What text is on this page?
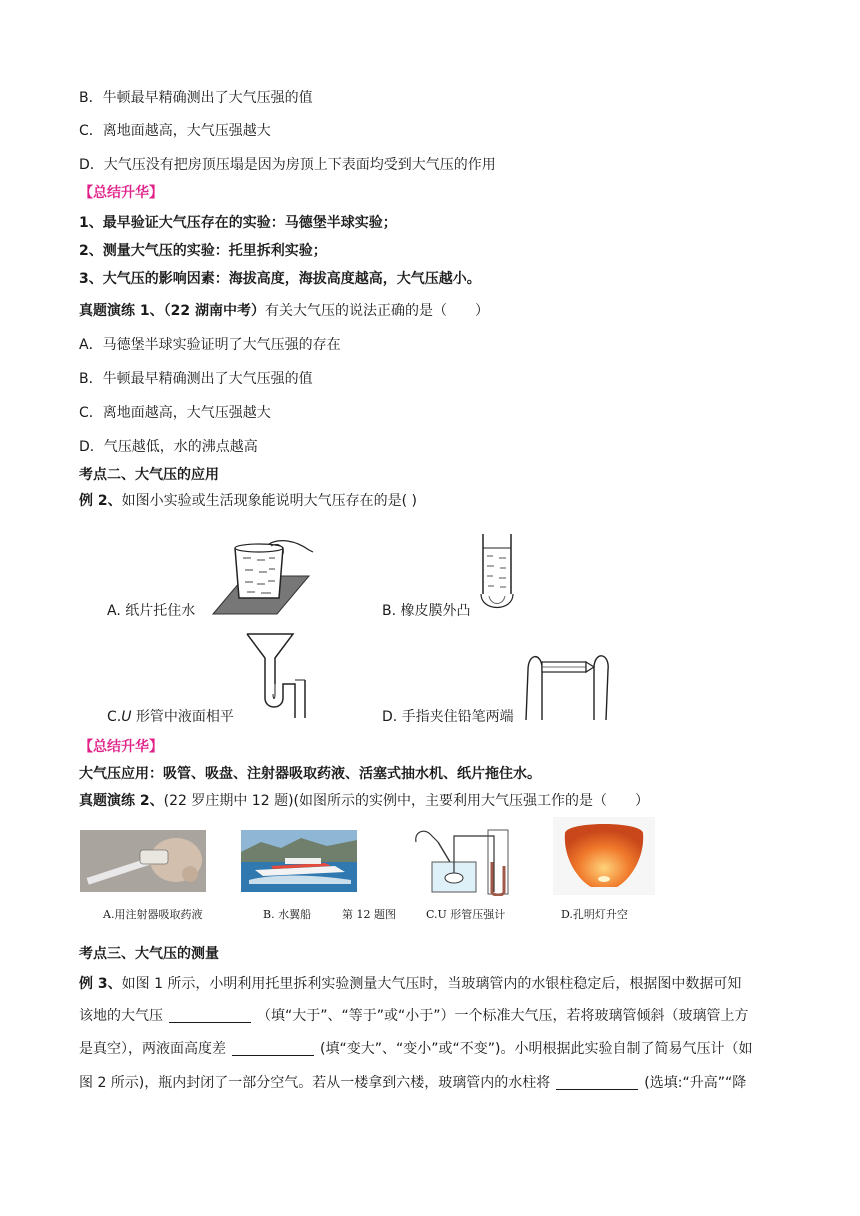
B．牛顿最早精确测出了大气压强的值
C．离地面越高，大气压强越大
D．大气压没有把房顶压塌是因为房顶上下表面均受到大气压的作用
【总结升华】
1、最早验证大气压存在的实验：马德堡半球实验；
2、测量大气压的实验：托里拆利实验；
3、大气压的影响因素：海拔高度，海拔高度越高，大气压越小。
真题演练 1、（22 湖南中考）有关大气压的说法正确的是（　　）
A．马德堡半球实验证明了大气压强的存在
B．牛顿最早精确测出了大气压强的值
C．离地面越高，大气压强越大
D．气压越低，水的沸点越高
考点二、大气压的应用
例 2、如图小实验或生活现象能说明大气压存在的是( )
A. 纸片托住水	B. 橡皮膜外凸
C.U 形管中液面相平	D. 手指夹住铅笔两端
【总结升华】
大气压应用：吸管、吸盘、注射器吸取药液、活塞式抽水机、纸片拖住水。
真题演练 2、(22 罗庄期中 12 题)(如图所示的实例中，主要利用大气压强工作的是（　　）
A.用注射器吸取药液	B. 水翼船	第 12 题图	C.U 形管压强计	D.孔明灯升空
考点三、大气压的测量
例 3、如图 1 所示，小明利用托里拆利实验测量大气压时，当玻璃管内的水银柱稳定后，根据图中数据可知
该地的大气压	（填“大于”、“等于”或“小于”）一个标准大气压，若将玻璃管倾斜（玻璃管上方
是真空），两液面高度差	(填“变大”、“变小”或“不变”)。小明根据此实验自制了简易气压计（如
图 2 所示)，瓶内封闭了一部分空气。若从一楼拿到六楼，玻璃管内的水柱将	(选填:“升高”“降
